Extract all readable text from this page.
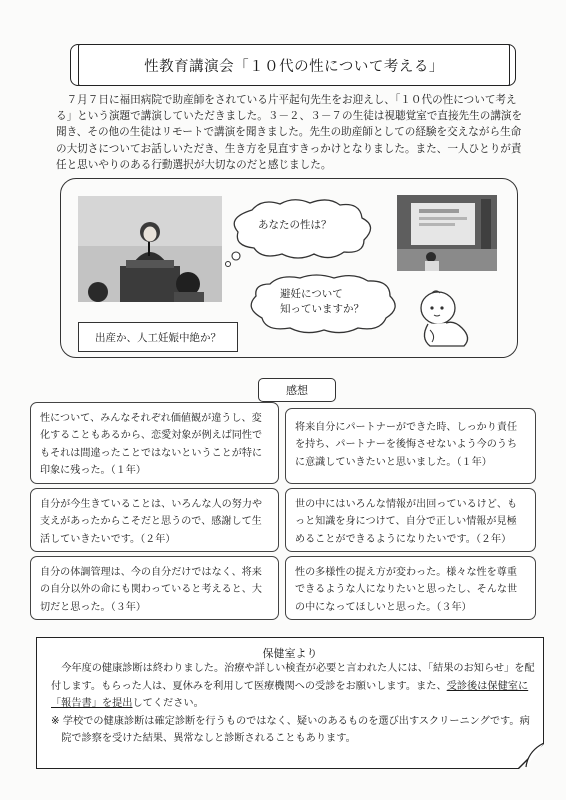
性教育講演会「１０代の性について考える」
７月７日に福田病院で助産師をされている片平起句先生をお迎えし、「１０代の性について考える」という演題で講演していただきました。３－２、３－７の生徒は視聴覚室で直接先生の講演を聞き、その他の生徒はリモートで講演を聞きました。先生の助産師としての経験を交えながら生命の大切さについてお話しいただき、生き方を見直すきっかけとなりました。また、一人ひとりが責任と思いやりのある行動選択が大切なのだと感じました。
あなたの性は？
避妊について
知っていますか？
出産か、人工妊娠中絶か？
感想
性について、みんなそれぞれ価値観が違うし、変化することもあるから、恋愛対象が例えば同性でもそれは間違ったことではないということが特に印象に残った。（１年）
将来自分にパートナーができた時、しっかり責任を持ち、パートナーを後悔させないよう今のうちに意識していきたいと思いました。（１年）
自分が今生きていることは、いろんな人の努力や支えがあったからこそだと思うので、感謝して生活していきたいです。（２年）
世の中にはいろんな情報が出回っているけど、もっと知識を身につけて、自分で正しい情報が見極めることができるようになりたいです。（２年）
自分の体調管理は、今の自分だけではなく、将来の自分以外の命にも関わっていると考えると、大切だと思った。（３年）
性の多様性の捉え方が変わった。様々な性を尊重できるような人になりたいと思ったし、そんな世の中になってほしいと思った。（３年）
保健室より
今年度の健康診断は終わりました。治療や詳しい検査が必要と言われた人には、「結果のお知らせ」を配付します。もらった人は、夏休みを利用して医療機関への受診をお願いします。また、受診後は保健室に「報告書」を提出してください。
※ 学校での健康診断は確定診断を行うものではなく、疑いのあるものを選び出すスクリーニングです。病院で診察を受けた結果、異常なしと診断されることもあります。
